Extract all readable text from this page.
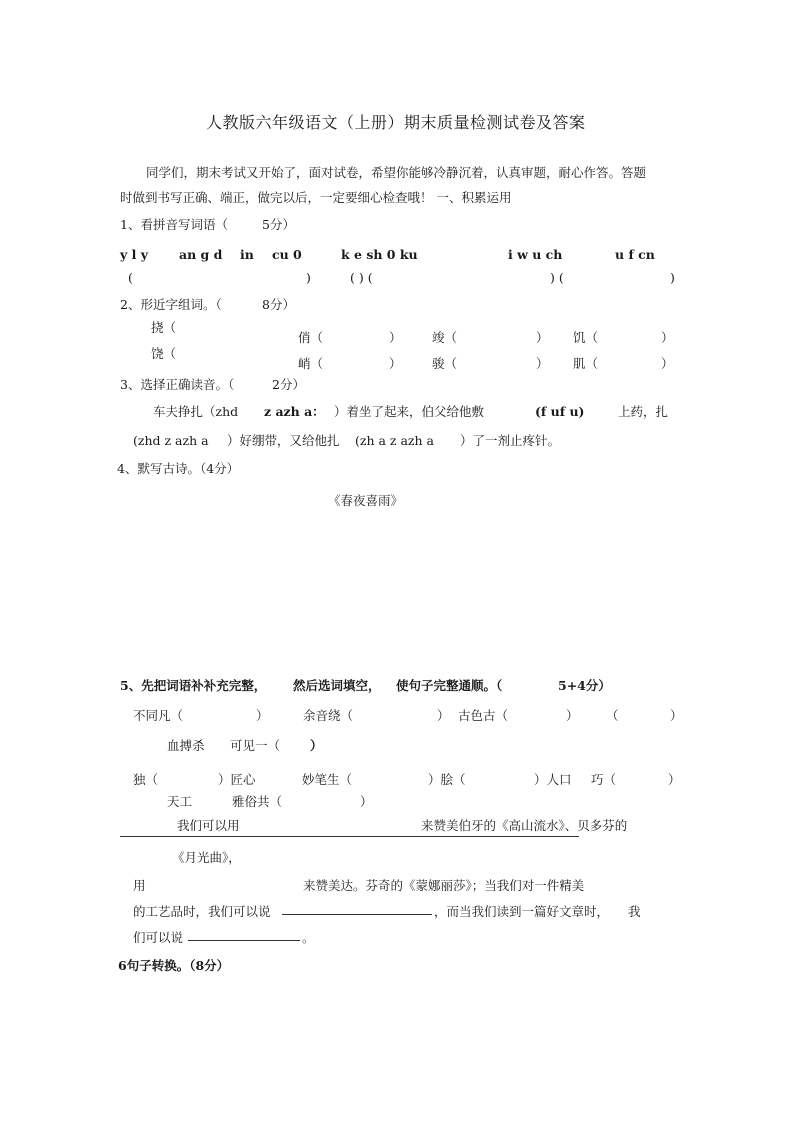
人教版六年级语文（上册）期末质量检测试卷及答案
同学们，期末考试又开始了，面对试卷，希望你能够冷静沉着，认真审题，耐心作答。答题
时做到书写正确、端正，做完以后，一定要细心检查哦！ 一、积累运用
1、看拼音写词语（	5分）
y l y an g d in cu 0	k e sh 0 ku	i w u ch	u f cn
(	)	( ) (	) (	)
2、形近字组词。（	8分）
挠（
饶（
俏（	） 竣（	） 饥（	）
峭（	） 骏（	） 肌（	）
3、选择正确读音。（	2分）
车夫挣扎（zhd z azh a： ）着坐了起来，伯父给他敷	(f uf u)	上药，扎
(zhd z azh a ）好绷带，又给他扎 (zh a z azh a ）了一剂止疼针。
4、默写古诗。（4分）
《春夜喜雨》
5、先把词语补补充完整， 然后选词填空， 使句子完整通顺。（	5+4分）
不同凡（	）	余音绕（	） 古色古（	） （	）
血搏杀 可见一（ ）
独（	）匠心	妙笔生（	）脍（	）人口 巧（	）
天工	雅俗共（	）
我们可以用	来赞美伯牙的《高山流水》、贝多芬的
《月光曲》，
用	来赞美达。芬奇的《蒙娜丽莎》；当我们对一件精美
的工艺品时，我们可以说	，而当我们读到一篇好文章时， 我
们可以说	。
6句子转换。（8分）
